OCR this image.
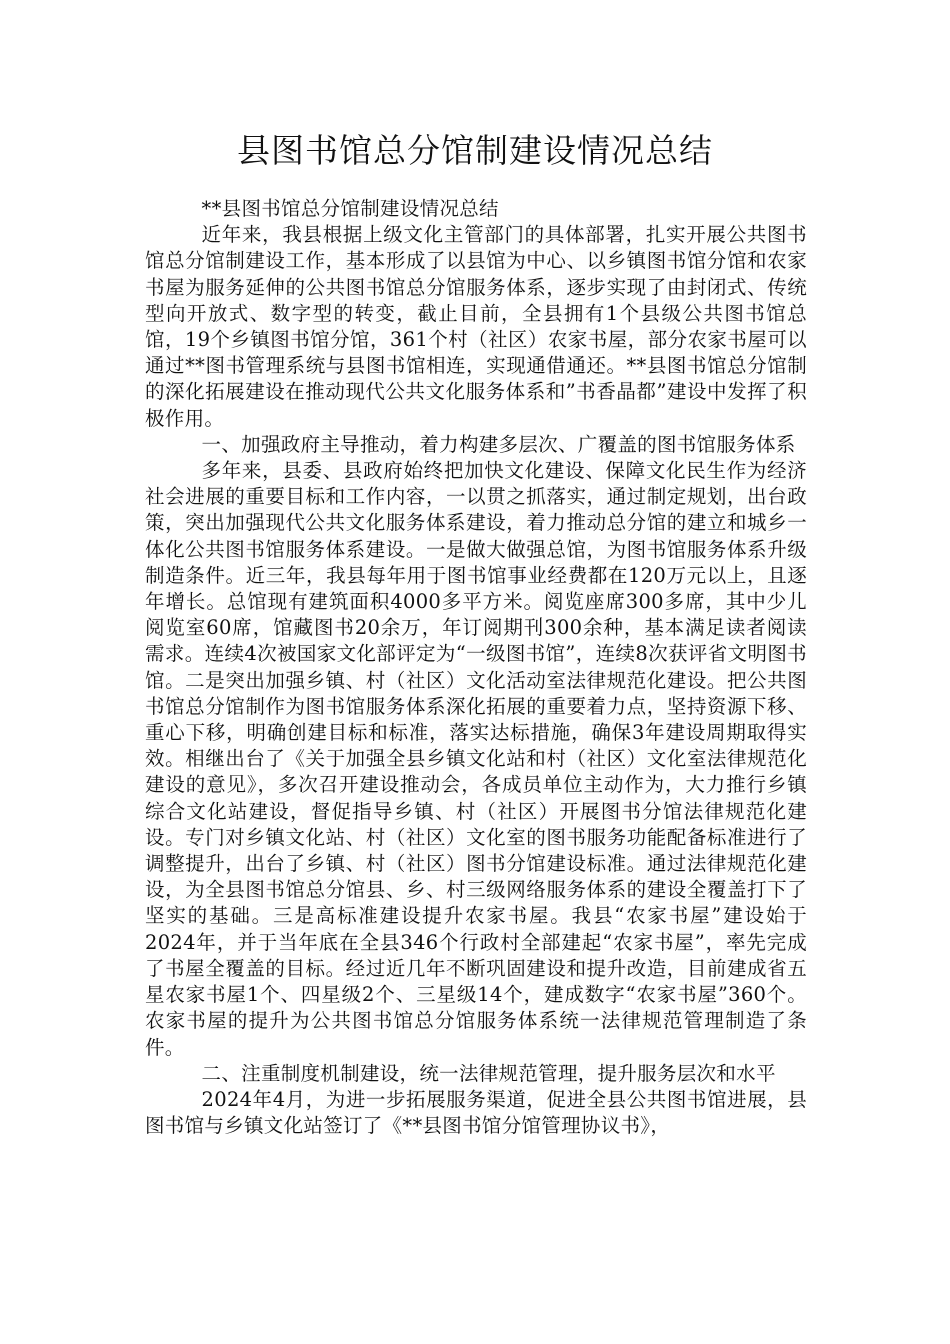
县图书馆总分馆制建设情况总结

**县图书馆总分馆制建设情况总结

近年来，我县根据上级文化主管部门的具体部署，扎实开展公共图书馆总分馆制建设工作，基本形成了以县馆为中心、以乡镇图书馆分馆和农家书屋为服务延伸的公共图书馆总分馆服务体系，逐步实现了由封闭式、传统型向开放式、数字型的转变，截止目前，全县拥有1个县级公共图书馆总馆，19个乡镇图书馆分馆，361个村（社区）农家书屋，部分农家书屋可以通过**图书管理系统与县图书馆相连，实现通借通还。**县图书馆总分馆制的深化拓展建设在推动现代公共文化服务体系和”书香晶都”建设中发挥了积极作用。

一、加强政府主导推动，着力构建多层次、广覆盖的图书馆服务体系

多年来，县委、县政府始终把加快文化建设、保障文化民生作为经济社会进展的重要目标和工作内容，一以贯之抓落实，通过制定规划，出台政策，突出加强现代公共文化服务体系建设，着力推动总分馆的建立和城乡一体化公共图书馆服务体系建设。一是做大做强总馆，为图书馆服务体系升级制造条件。近三年，我县每年用于图书馆事业经费都在120万元以上，且逐年增长。总馆现有建筑面积4000多平方米。阅览座席300多席，其中少儿阅览室60席，馆藏图书20余万，年订阅期刊300余种，基本满足读者阅读需求。连续4次被国家文化部评定为“一级图书馆”，连续8次获评省文明图书馆。二是突出加强乡镇、村（社区）文化活动室法律规范化建设。把公共图书馆总分馆制作为图书馆服务体系深化拓展的重要着力点，坚持资源下移、重心下移，明确创建目标和标准，落实达标措施，确保3年建设周期取得实效。相继出台了《关于加强全县乡镇文化站和村（社区）文化室法律规范化建设的意见》，多次召开建设推动会，各成员单位主动作为，大力推行乡镇综合文化站建设，督促指导乡镇、村（社区）开展图书分馆法律规范化建设。专门对乡镇文化站、村（社区）文化室的图书服务功能配备标准进行了调整提升，出台了乡镇、村（社区）图书分馆建设标准。通过法律规范化建设，为全县图书馆总分馆县、乡、村三级网络服务体系的建设全覆盖打下了坚实的基础。三是高标准建设提升农家书屋。我县“农家书屋”建设始于2024年，并于当年底在全县346个行政村全部建起“农家书屋”，率先完成了书屋全覆盖的目标。经过近几年不断巩固建设和提升改造，目前建成省五星农家书屋1个、四星级2个、三星级14个，建成数字“农家书屋”360个。农家书屋的提升为公共图书馆总分馆服务体系统一法律规范管理制造了条件。

二、注重制度机制建设，统一法律规范管理，提升服务层次和水平

2024年4月，为进一步拓展服务渠道，促进全县公共图书馆进展，县图书馆与乡镇文化站签订了《**县图书馆分馆管理协议书》，
